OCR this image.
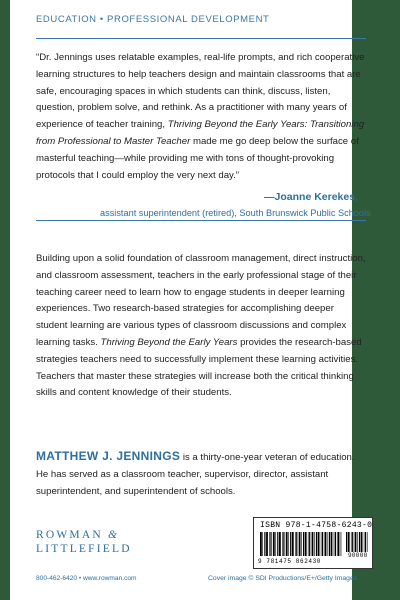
EDUCATION • PROFESSIONAL DEVELOPMENT
“Dr. Jennings uses relatable examples, real-life prompts, and rich cooperative learning structures to help teachers design and maintain classrooms that are safe, encouraging spaces in which students can think, discuss, listen, question, problem solve, and rethink. As a practitioner with many years of experience of teacher training, Thriving Beyond the Early Years: Transitioning from Professional to Master Teacher made me go deep below the surface of masterful teaching—while providing me with tons of thought-provoking protocols that I could employ the very next day.”
—Joanne Kerekes,
assistant superintendent (retired), South Brunswick Public Schools
Building upon a solid foundation of classroom management, direct instruction, and classroom assessment, teachers in the early professional stage of their teaching career need to learn how to engage students in deeper learning experiences. Two research-based strategies for accomplishing deeper student learning are various types of classroom discussions and complex learning tasks. Thriving Beyond the Early Years provides the research-based strategies teachers need to successfully implement these learning activities. Teachers that master these strategies will increase both the critical thinking skills and content knowledge of their students.
MATTHEW J. JENNINGS is a thirty-one-year veteran of education. He has served as a classroom teacher, supervisor, director, assistant superintendent, and superintendent of schools.
ROWMAN &
LITTLEFIELD
800-462-6420 • www.rowman.com
ISBN 978-1-4758-6243-0
9 781475 862430
90000
Cover image © SDI Productions/E+/Getty Images
